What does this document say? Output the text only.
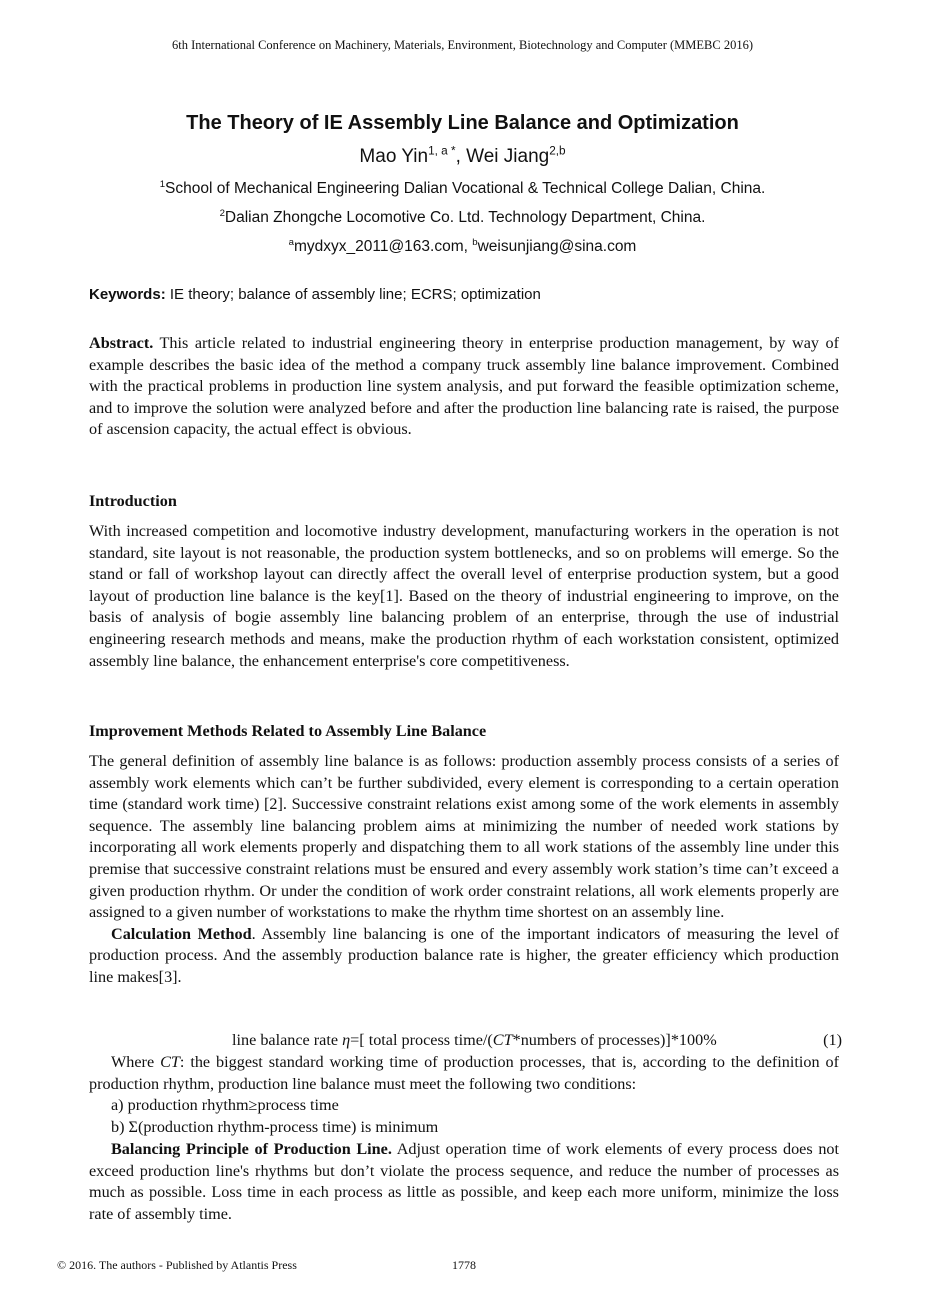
6th International Conference on Machinery, Materials, Environment, Biotechnology and Computer (MMEBC 2016)
The Theory of IE Assembly Line Balance and Optimization
Mao Yin$^{1, a *}$, Wei Jiang$^{2,b}$
$^1$School of Mechanical Engineering Dalian Vocational & Technical College Dalian, China.
$^2$Dalian Zhongche Locomotive Co. Ltd. Technology Department, China.
$^a$mydxyx_2011@163.com, $^b$weisunjiang@sina.com
Keywords: IE theory; balance of assembly line; ECRS; optimization
Abstract. This article related to industrial engineering theory in enterprise production management, by way of example describes the basic idea of the method a company truck assembly line balance improvement. Combined with the practical problems in production line system analysis, and put forward the feasible optimization scheme, and to improve the solution were analyzed before and after the production line balancing rate is raised, the purpose of ascension capacity, the actual effect is obvious.
Introduction
With increased competition and locomotive industry development, manufacturing workers in the operation is not standard, site layout is not reasonable, the production system bottlenecks, and so on problems will emerge. So the stand or fall of workshop layout can directly affect the overall level of enterprise production system, but a good layout of production line balance is the key[1]. Based on the theory of industrial engineering to improve, on the basis of analysis of bogie assembly line balancing problem of an enterprise, through the use of industrial engineering research methods and means, make the production rhythm of each workstation consistent, optimized assembly line balance, the enhancement enterprise's core competitiveness.
Improvement Methods Related to Assembly Line Balance
The general definition of assembly line balance is as follows: production assembly process consists of a series of assembly work elements which can’t be further subdivided, every element is corresponding to a certain operation time (standard work time) [2]. Successive constraint relations exist among some of the work elements in assembly sequence. The assembly line balancing problem aims at minimizing the number of needed work stations by incorporating all work elements properly and dispatching them to all work stations of the assembly line under this premise that successive constraint relations must be ensured and every assembly work station’s time can’t exceed a given production rhythm. Or under the condition of work order constraint relations, all work elements properly are assigned to a given number of workstations to make the rhythm time shortest on an assembly line.
Calculation Method. Assembly line balancing is one of the important indicators of measuring the level of production process. And the assembly production balance rate is higher, the greater efficiency which production line makes[3].
line balance rate η=[ total process time/(CT*numbers of processes)]*100%	(1)
Where CT: the biggest standard working time of production processes, that is, according to the definition of production rhythm, production line balance must meet the following two conditions:
a) production rhythm≥process time
b) Σ(production rhythm-process time) is minimum
Balancing Principle of Production Line. Adjust operation time of work elements of every process does not exceed production line's rhythms but don’t violate the process sequence, and reduce the number of processes as much as possible. Loss time in each process as little as possible, and keep each more uniform, minimize the loss rate of assembly time.
© 2016. The authors - Published by Atlantis Press	1778
